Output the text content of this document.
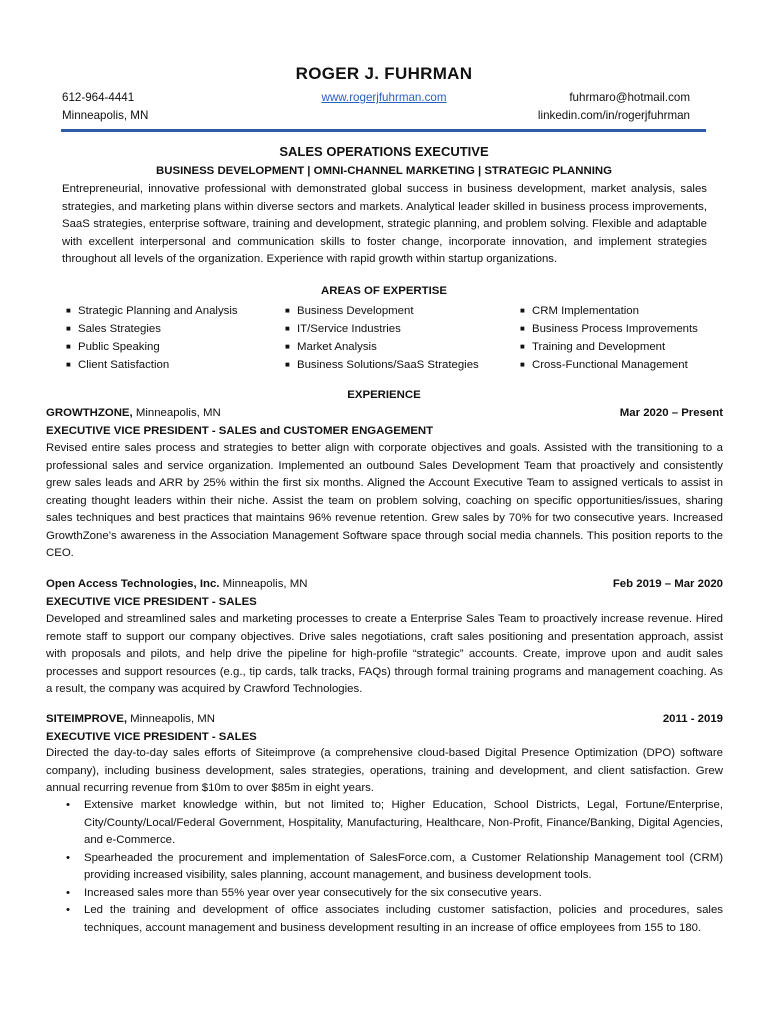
ROGER J. FUHRMAN
612-964-4441
Minneapolis, MN
www.rogerjfuhrman.com	fuhrmaro@hotmail.com
linkedin.com/in/rogerjfuhrman
SALES OPERATIONS EXECUTIVE
BUSINESS DEVELOPMENT | OMNI-CHANNEL MARKETING | STRATEGIC PLANNING
Entrepreneurial, innovative professional with demonstrated global success in business development, market analysis, sales strategies, and marketing plans within diverse sectors and markets. Analytical leader skilled in business process improvements, SaaS strategies, enterprise software, training and development, strategic planning, and problem solving. Flexible and adaptable with excellent interpersonal and communication skills to foster change, incorporate innovation, and implement strategies throughout all levels of the organization. Experience with rapid growth within startup organizations.
AREAS OF EXPERTISE
■ Strategic Planning and Analysis
■ Sales Strategies
■ Public Speaking
■ Client Satisfaction
■ Business Development
■ IT/Service Industries
■ Market Analysis
■ Business Solutions/SaaS Strategies
■ CRM Implementation
■ Business Process Improvements
■ Training and Development
■ Cross-Functional Management
EXPERIENCE
GROWTHZONE, Minneapolis, MN	Mar 2020 – Present
EXECUTIVE VICE PRESIDENT - SALES and CUSTOMER ENGAGEMENT
Revised entire sales process and strategies to better align with corporate objectives and goals. Assisted with the transitioning to a professional sales and service organization. Implemented an outbound Sales Development Team that proactively and consistently grew sales leads and ARR by 25% within the first six months. Aligned the Account Executive Team to assigned verticals to assist in creating thought leaders within their niche. Assist the team on problem solving, coaching on specific opportunities/issues, sharing sales techniques and best practices that maintains 96% revenue retention. Grew sales by 70% for two consecutive years. Increased GrowthZone’s awareness in the Association Management Software space through social media channels. This position reports to the CEO.
Open Access Technologies, Inc. Minneapolis, MN	Feb 2019 – Mar 2020
EXECUTIVE VICE PRESIDENT - SALES
Developed and streamlined sales and marketing processes to create a Enterprise Sales Team to proactively increase revenue. Hired remote staff to support our company objectives. Drive sales negotiations, craft sales positioning and presentation approach, assist with proposals and pilots, and help drive the pipeline for high-profile “strategic” accounts. Create, improve upon and audit sales processes and support resources (e.g., tip cards, talk tracks, FAQs) through formal training programs and management coaching. As a result, the company was acquired by Crawford Technologies.
SITEIMPROVE, Minneapolis, MN	2011 - 2019
EXECUTIVE VICE PRESIDENT - SALES
Directed the day-to-day sales efforts of Siteimprove (a comprehensive cloud-based Digital Presence Optimization (DPO) software company), including business development, sales strategies, operations, training and development, and client satisfaction. Grew annual recurring revenue from $10m to over $85m in eight years.
• Extensive market knowledge within, but not limited to; Higher Education, School Districts, Legal, Fortune/Enterprise, City/County/Local/Federal Government, Hospitality, Manufacturing, Healthcare, Non-Profit, Finance/Banking, Digital Agencies, and e-Commerce.
• Spearheaded the procurement and implementation of SalesForce.com, a Customer Relationship Management tool (CRM) providing increased visibility, sales planning, account management, and business development tools.
• Increased sales more than 55% year over year consecutively for the six consecutive years.
• Led the training and development of office associates including customer satisfaction, policies and procedures, sales techniques, account management and business development resulting in an increase of office employees from 155 to 180.
